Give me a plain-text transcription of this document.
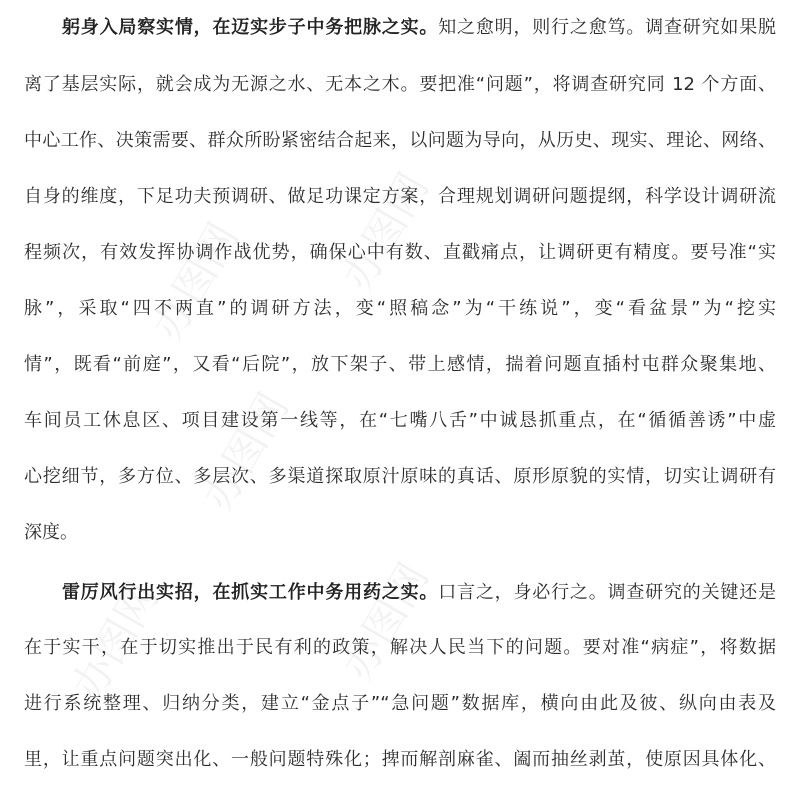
办图网 办图网
办图网
办图网	办图网
躬身入局察实情，在迈实步子中务把脉之实。知之愈明，则行之愈笃。调查研究如果脱
离了基层实际，就会成为无源之水、无本之木。要把准“问题”，将调查研究同 12 个方面、
中心工作、决策需要、群众所盼紧密结合起来，以问题为导向，从历史、现实、理论、网络、
自身的维度，下足功夫预调研、做足功课定方案，合理规划调研问题提纲，科学设计调研流
程频次，有效发挥协调作战优势，确保心中有数、直戳痛点，让调研更有精度。要号准“实
脉”，采取“四不两直”的调研方法，变“照稿念”为“干练说”，变“看盆景”为“挖实
情”，既看“前庭”，又看“后院”，放下架子、带上感情，揣着问题直插村屯群众聚集地、
车间员工休息区、项目建设第一线等，在“七嘴八舌”中诚恳抓重点，在“循循善诱”中虚
心挖细节，多方位、多层次、多渠道探取原汁原味的真话、原形原貌的实情，切实让调研有
深度。
雷厉风行出实招，在抓实工作中务用药之实。口言之，身必行之。调查研究的关键还是
在于实干，在于切实推出于民有利的政策，解决人民当下的问题。要对准“病症”，将数据
进行系统整理、归纳分类，建立“金点子”“急问题”数据库，横向由此及彼、纵向由表及
里，让重点问题突出化、一般问题特殊化；捭而解剖麻雀、阖而抽丝剥茧，使原因具体化、
